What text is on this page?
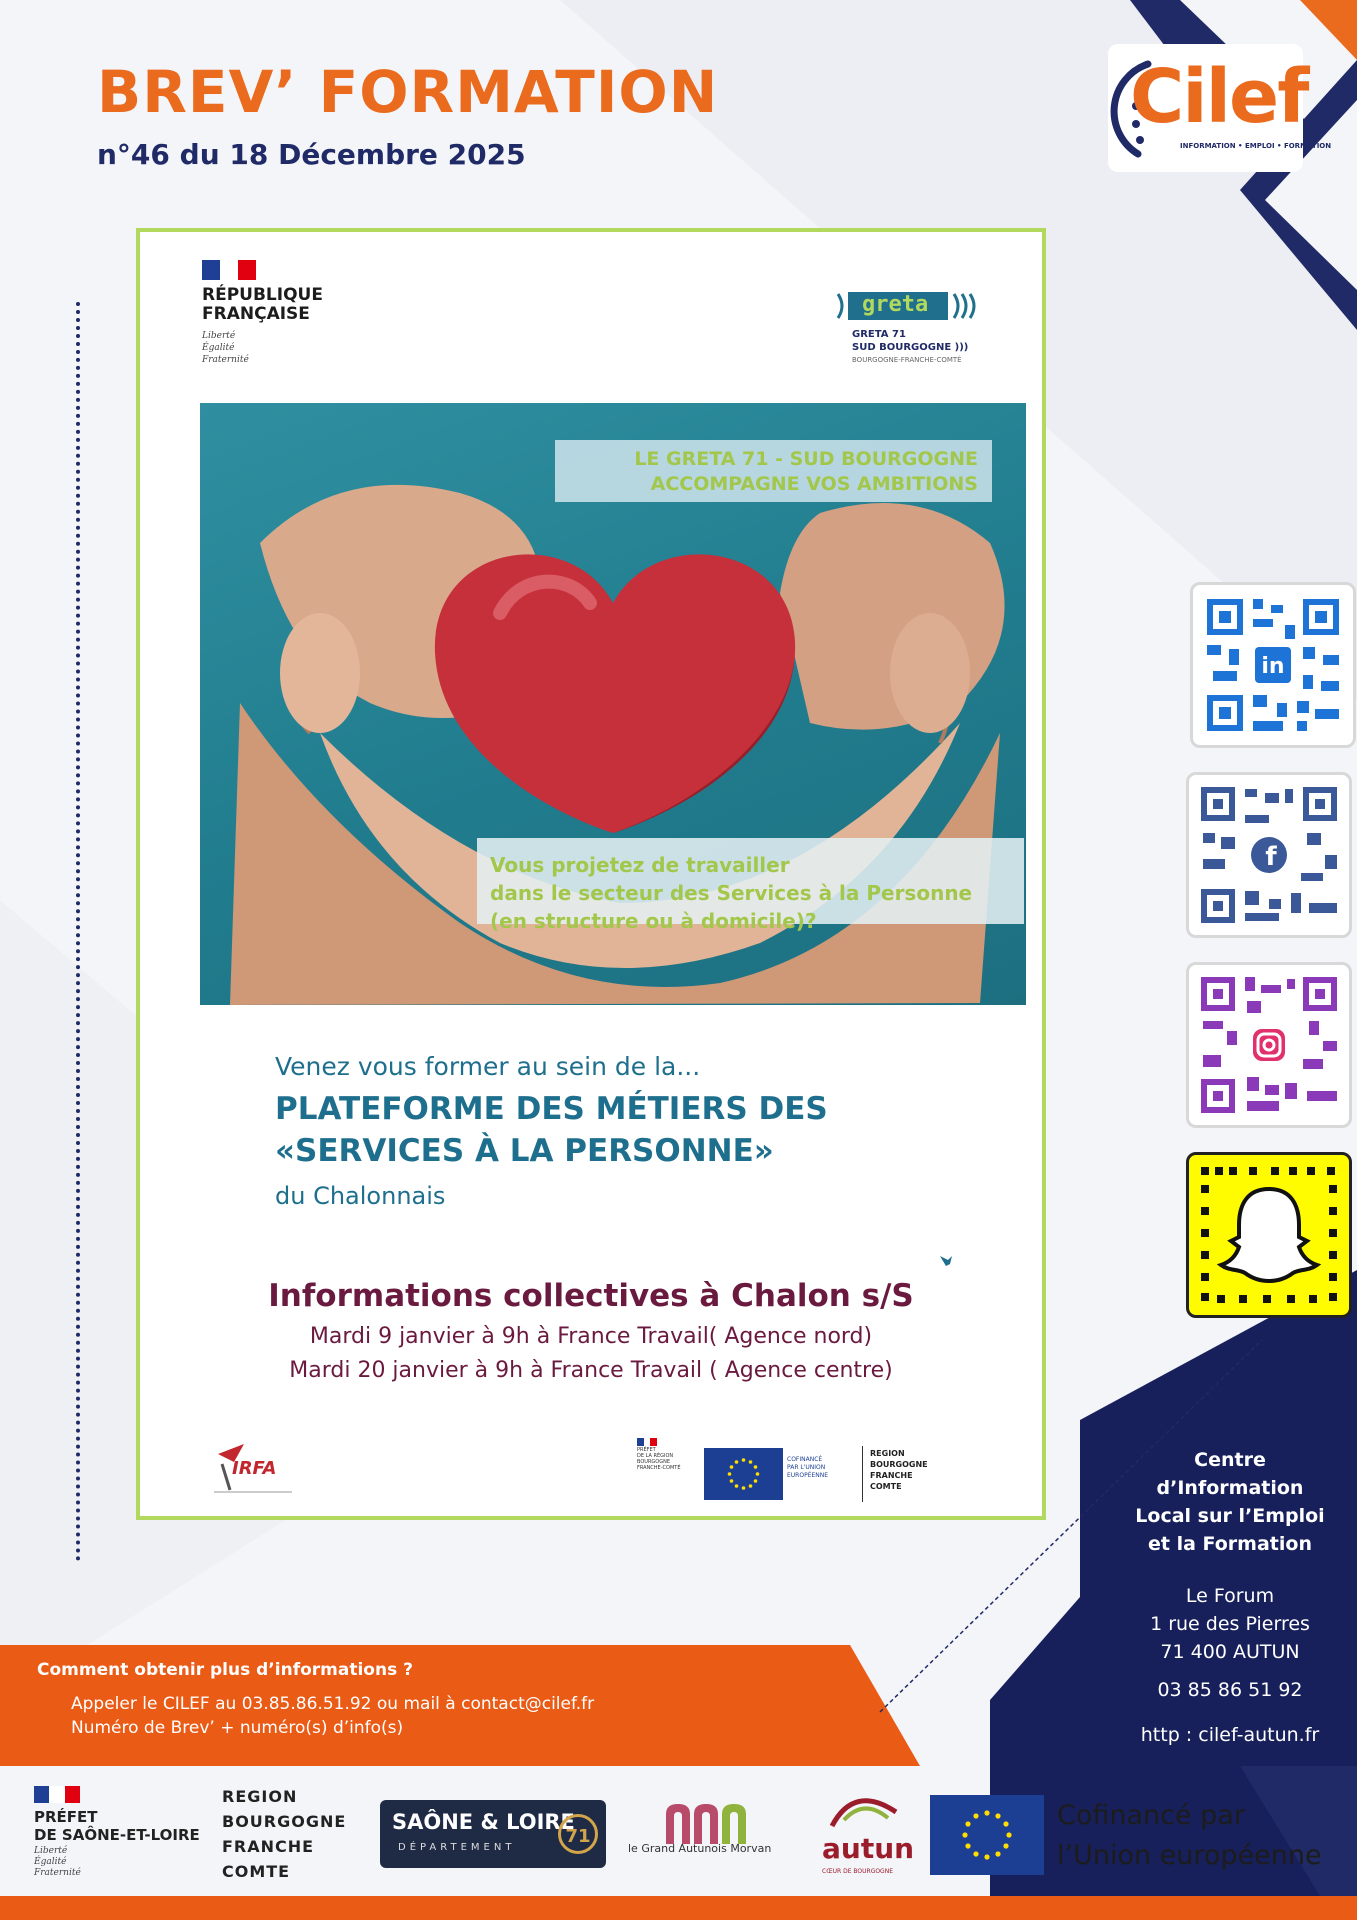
BREV’ FORMATION
n°46 du 18 Décembre 2025
Cilef
INFORMATION • EMPLOI • FORMATION
RÉPUBLIQUE
FRANÇAISE
Liberté
Égalité
Fraternité
greta
GRETA 71
SUD BOURGOGNE )))
BOURGOGNE-FRANCHE-COMTÉ
LE GRETA 71 - SUD BOURGOGNE
ACCOMPAGNE VOS AMBITIONS
Vous projetez de travailler
dans le secteur des Services à la Personne
(en structure ou à domicile)?
Venez vous former au sein de la...
PLATEFORME DES MÉTIERS DES
«SERVICES À LA PERSONNE»
du Chalonnais
Informations collectives à Chalon s/S
Mardi 9 janvier à 9h à France Travail( Agence nord)
Mardi 20 janvier à 9h à France Travail ( Agence centre)
IRFA
PRÉFET
DE LA RÉGION
BOURGOGNE
FRANCHE-COMTÉ
COFINANCÉ
PAR L'UNION
EUROPÉENNE
REGION
BOURGOGNE
FRANCHE
COMTE
in
f
Centre
d’Information
Local sur l’Emploi
et la Formation
Le Forum
1 rue des Pierres
71 400 AUTUN
03 85 86 51 92
http : cilef-autun.fr
Comment obtenir plus d’informations ?
Appeler le CILEF au 03.85.86.51.92 ou mail à contact@cilef.fr
Numéro de Brev’ + numéro(s) d’info(s)
PRÉFET
DE SAÔNE-ET-LOIRE
Liberté
Égalité
Fraternité
REGION
BOURGOGNE
FRANCHE
COMTE
SAÔNE & LOIRE
DÉPARTEMENT
71
le Grand Autunois Morvan autun
CŒUR DE BOURGOGNE
Cofinancé par
l’Union européenne
